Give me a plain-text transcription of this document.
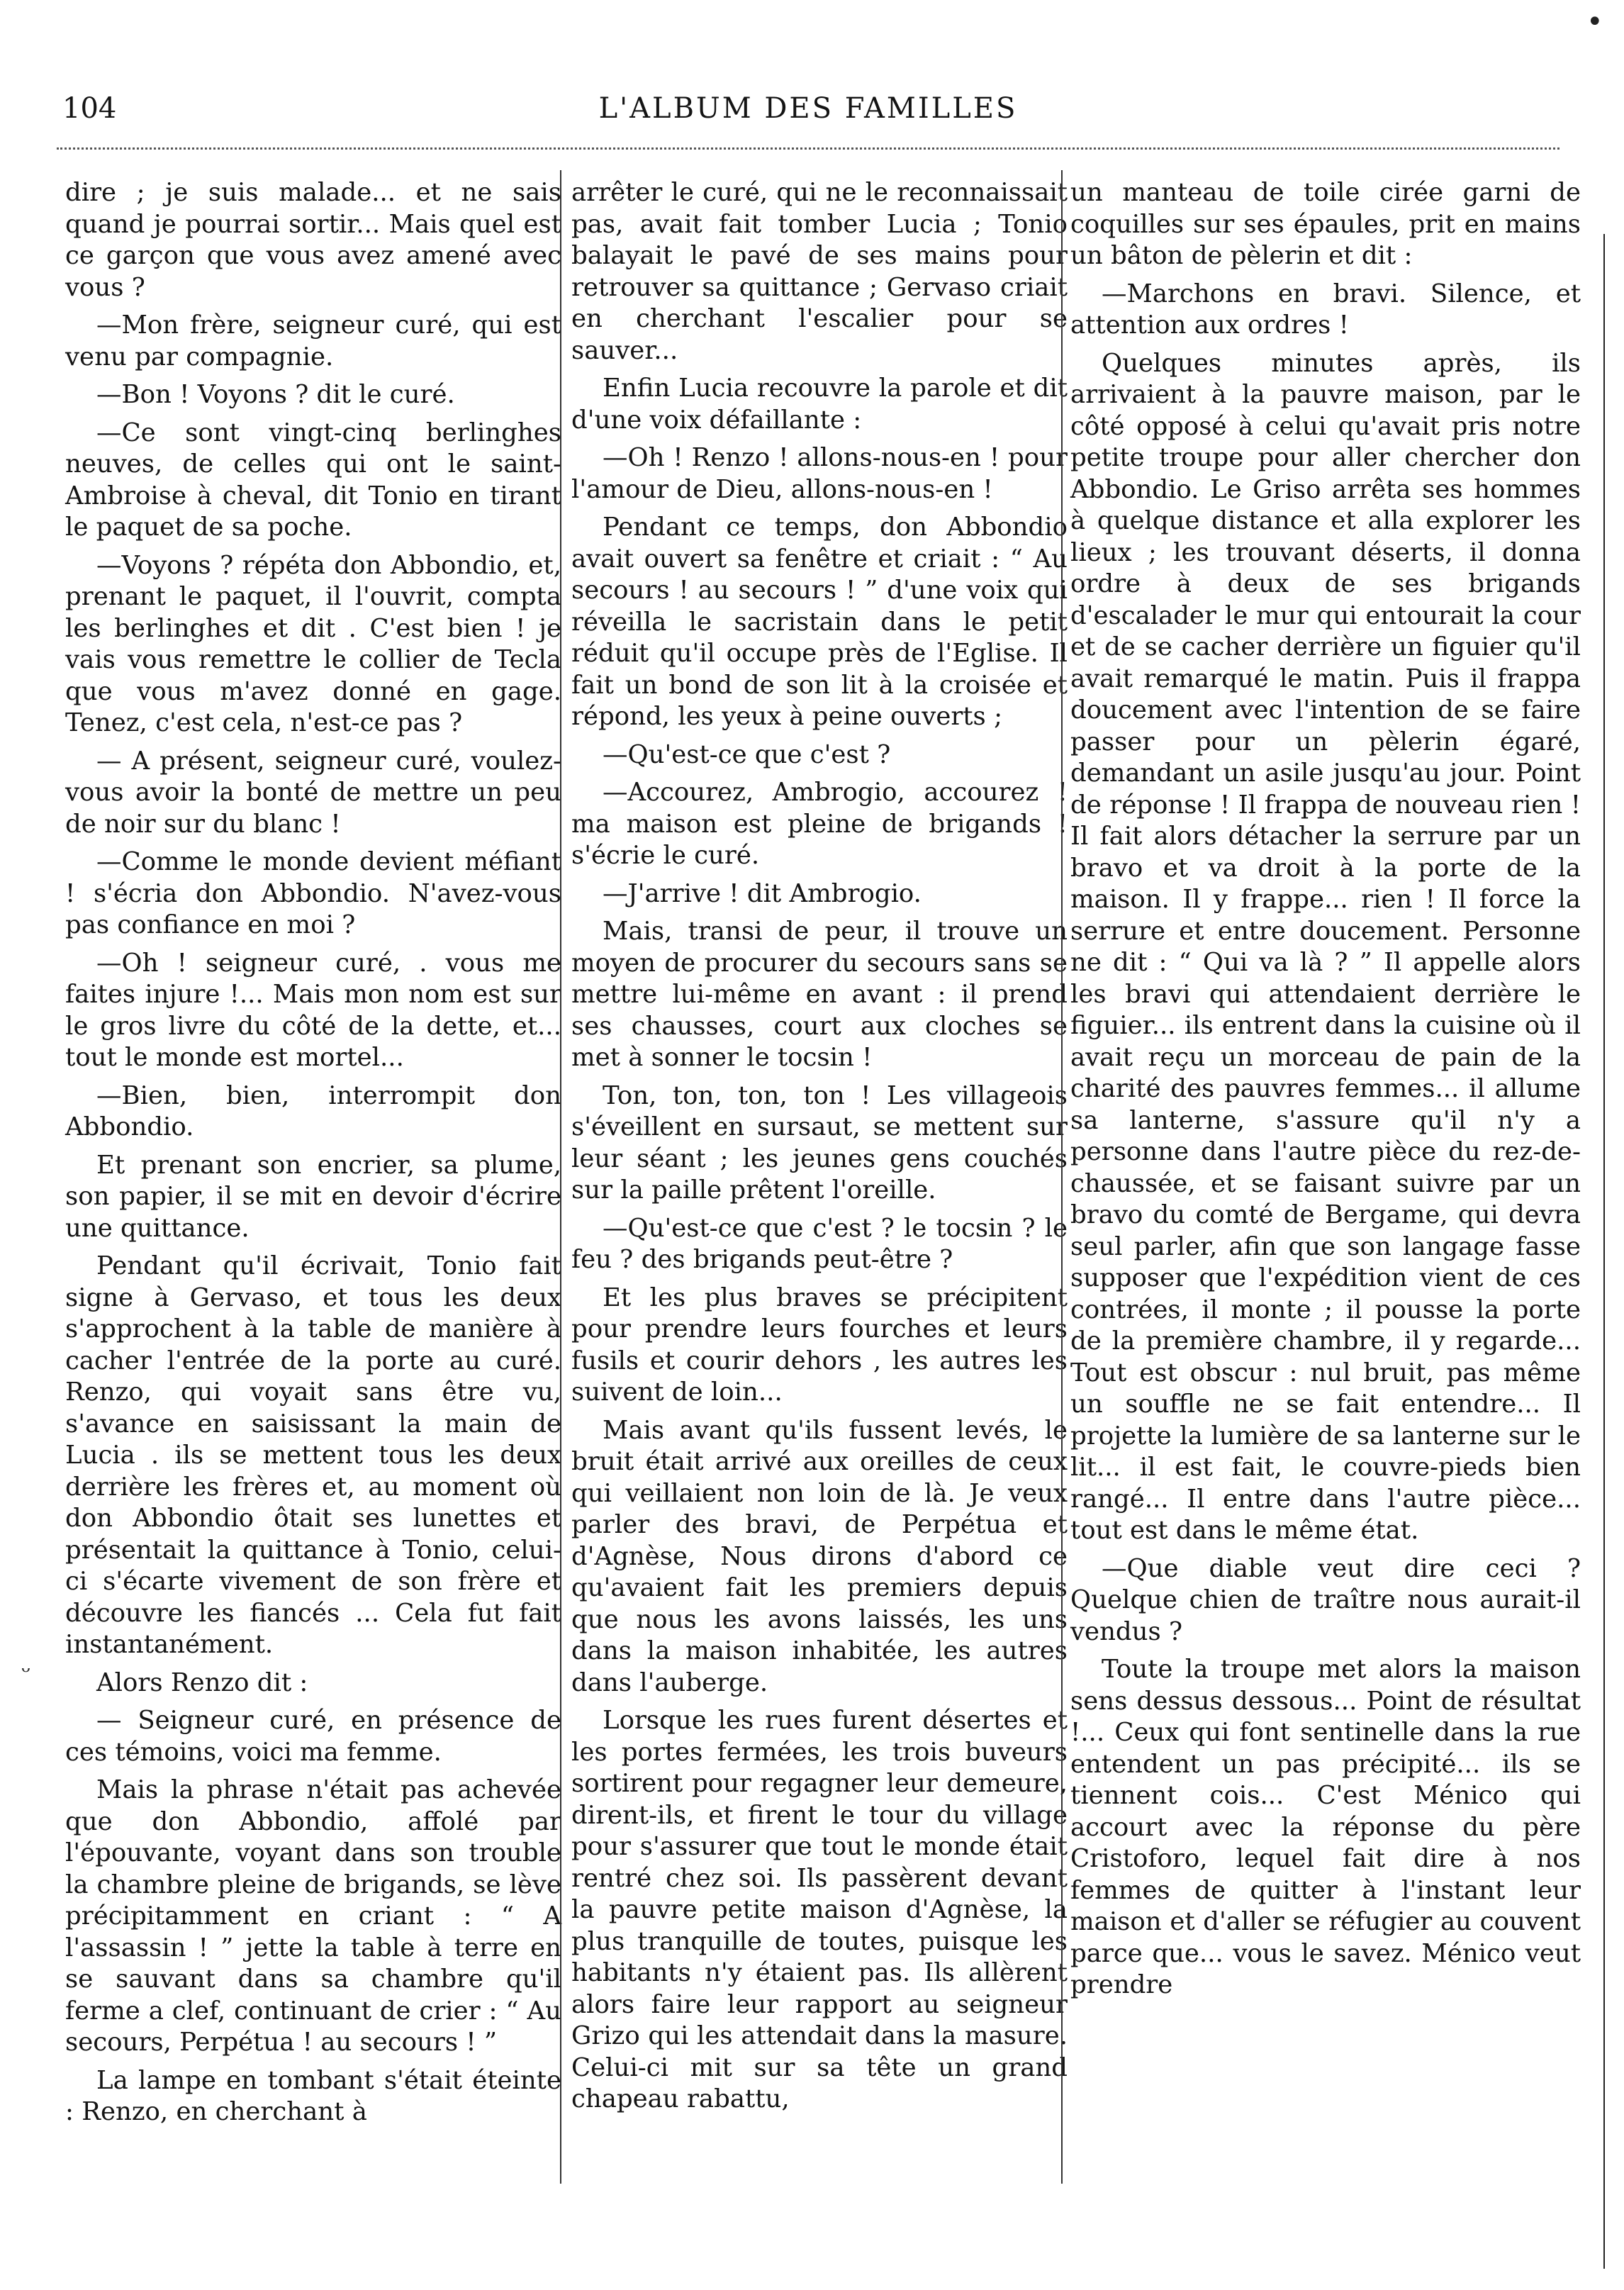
104	L'ALBUM DES FAMILLES

dire ; je suis malade... et ne sais quand je pourrai sortir... Mais quel est ce garçon que vous avez amené avec vous ?

—Mon frère, seigneur curé, qui est venu par compagnie.

—Bon ! Voyons ? dit le curé.

—Ce sont vingt-cinq berlinghes neuves, de celles qui ont le saint-Ambroise à cheval, dit Tonio en tirant le paquet de sa poche.

—Voyons ? répéta don Abbondio, et, prenant le paquet, il l'ouvrit, compta les berlinghes et dit . C'est bien ! je vais vous remettre le collier de Tecla que vous m'avez donné en gage. Tenez, c'est cela, n'est-ce pas ?

— A présent, seigneur curé, voulez-vous avoir la bonté de mettre un peu de noir sur du blanc !

—Comme le monde devient méfiant ! s'écria don Abbondio. N'avez-vous pas confiance en moi ?

—Oh ! seigneur curé, . vous me faites injure !... Mais mon nom est sur le gros livre du côté de la dette, et... tout le monde est mortel...

—Bien, bien, interrompit don Abbondio.

Et prenant son encrier, sa plume, son papier, il se mit en devoir d'écrire une quittance.

Pendant qu'il écrivait, Tonio fait signe à Gervaso, et tous les deux s'approchent à la table de manière à cacher l'entrée de la porte au curé. Renzo, qui voyait sans être vu, s'avance en saisissant la main de Lucia . ils se mettent tous les deux derrière les frères et, au moment où don Abbondio ôtait ses lunettes et présentait la quittance à Tonio, celui-ci s'écarte vivement de son frère et découvre les fiancés ... Cela fut fait instantanément.

Alors Renzo dit :

— Seigneur curé, en présence de ces témoins, voici ma femme.

Mais la phrase n'était pas achevée que don Abbondio, affolé par l'épouvante, voyant dans son trouble la chambre pleine de brigands, se lève précipitamment en criant : “ A l'assassin ! ” jette la table à terre en se sauvant dans sa chambre qu'il ferme a clef, continuant de crier : “ Au secours, Perpétua ! au secours ! ”

La lampe en tombant s'était éteinte : Renzo, en cherchant à

arrêter le curé, qui ne le reconnaissait pas, avait fait tomber Lucia ; Tonio balayait le pavé de ses mains pour retrouver sa quittance ; Gervaso criait en cherchant l'escalier pour se sauver...

Enfin Lucia recouvre la parole et dit d'une voix défaillante :

—Oh ! Renzo ! allons-nous-en ! pour l'amour de Dieu, allons-nous-en !

Pendant ce temps, don Abbondio avait ouvert sa fenêtre et criait : “ Au secours ! au secours ! ” d'une voix qui réveilla le sacristain dans le petit réduit qu'il occupe près de l'Eglise. Il fait un bond de son lit à la croisée et répond, les yeux à peine ouverts ;

—Qu'est-ce que c'est ?

—Accourez, Ambrogio, accourez ! ma maison est pleine de brigands ! s'écrie le curé.

—J'arrive ! dit Ambrogio.

Mais, transi de peur, il trouve un moyen de procurer du secours sans se mettre lui-même en avant : il prend ses chausses, court aux cloches se met à sonner le tocsin !

Ton, ton, ton, ton ! Les villageois s'éveillent en sursaut, se mettent sur leur séant ; les jeunes gens couchés sur la paille prêtent l'oreille.

—Qu'est-ce que c'est ? le tocsin ? le feu ? des brigands peut-être ?

Et les plus braves se précipitent pour prendre leurs fourches et leurs fusils et courir dehors , les autres les suivent de loin...

Mais avant qu'ils fussent levés, le bruit était arrivé aux oreilles de ceux qui veillaient non loin de là. Je veux parler des bravi, de Perpétua et d'Agnèse, Nous dirons d'abord ce qu'avaient fait les premiers depuis que nous les avons laissés, les uns dans la maison inhabitée, les autres dans l'auberge.

Lorsque les rues furent désertes et les portes fermées, les trois buveurs sortirent pour regagner leur demeure, dirent-ils, et firent le tour du village pour s'assurer que tout le monde était rentré chez soi. Ils passèrent devant la pauvre petite maison d'Agnèse, la plus tranquille de toutes, puisque les habitants n'y étaient pas. Ils allèrent alors faire leur rapport au seigneur Grizo qui les attendait dans la masure. Celui-ci mit sur sa tête un grand chapeau rabattu,

un manteau de toile cirée garni de coquilles sur ses épaules, prit en mains un bâton de pèlerin et dit :

—Marchons en bravi. Silence, et attention aux ordres !

Quelques minutes après, ils arrivaient à la pauvre maison, par le côté opposé à celui qu'avait pris notre petite troupe pour aller chercher don Abbondio. Le Griso arrêta ses hommes à quelque distance et alla explorer les lieux ; les trouvant déserts, il donna ordre à deux de ses brigands d'escalader le mur qui entourait la cour et de se cacher derrière un figuier qu'il avait remarqué le matin. Puis il frappa doucement avec l'intention de se faire passer pour un pèlerin égaré, demandant un asile jusqu'au jour. Point de réponse ! Il frappa de nouveau rien ! Il fait alors détacher la serrure par un bravo et va droit à la porte de la maison. Il y frappe... rien ! Il force la serrure et entre doucement. Personne ne dit : “ Qui va là ? ” Il appelle alors les bravi qui attendaient derrière le figuier... ils entrent dans la cuisine où il avait reçu un morceau de pain de la charité des pauvres femmes... il allume sa lanterne, s'assure qu'il n'y a personne dans l'autre pièce du rez-de-chaussée, et se faisant suivre par un bravo du comté de Bergame, qui devra seul parler, afin que son langage fasse supposer que l'expédition vient de ces contrées, il monte ; il pousse la porte de la première chambre, il y regarde... Tout est obscur : nul bruit, pas même un souffle ne se fait entendre... Il projette la lumière de sa lanterne sur le lit... il est fait, le couvre-pieds bien rangé... Il entre dans l'autre pièce... tout est dans le même état.

—Que diable veut dire ceci ? Quelque chien de traître nous aurait-il vendus ?

Toute la troupe met alors la maison sens dessus dessous... Point de résultat !... Ceux qui font sentinelle dans la rue entendent un pas précipité... ils se tiennent cois... C'est Ménico qui accourt avec la réponse du père Cristoforo, lequel fait dire à nos femmes de quitter à l'instant leur maison et d'aller se réfugier au couvent parce que... vous le savez. Ménico veut prendre

•
ᵕ
